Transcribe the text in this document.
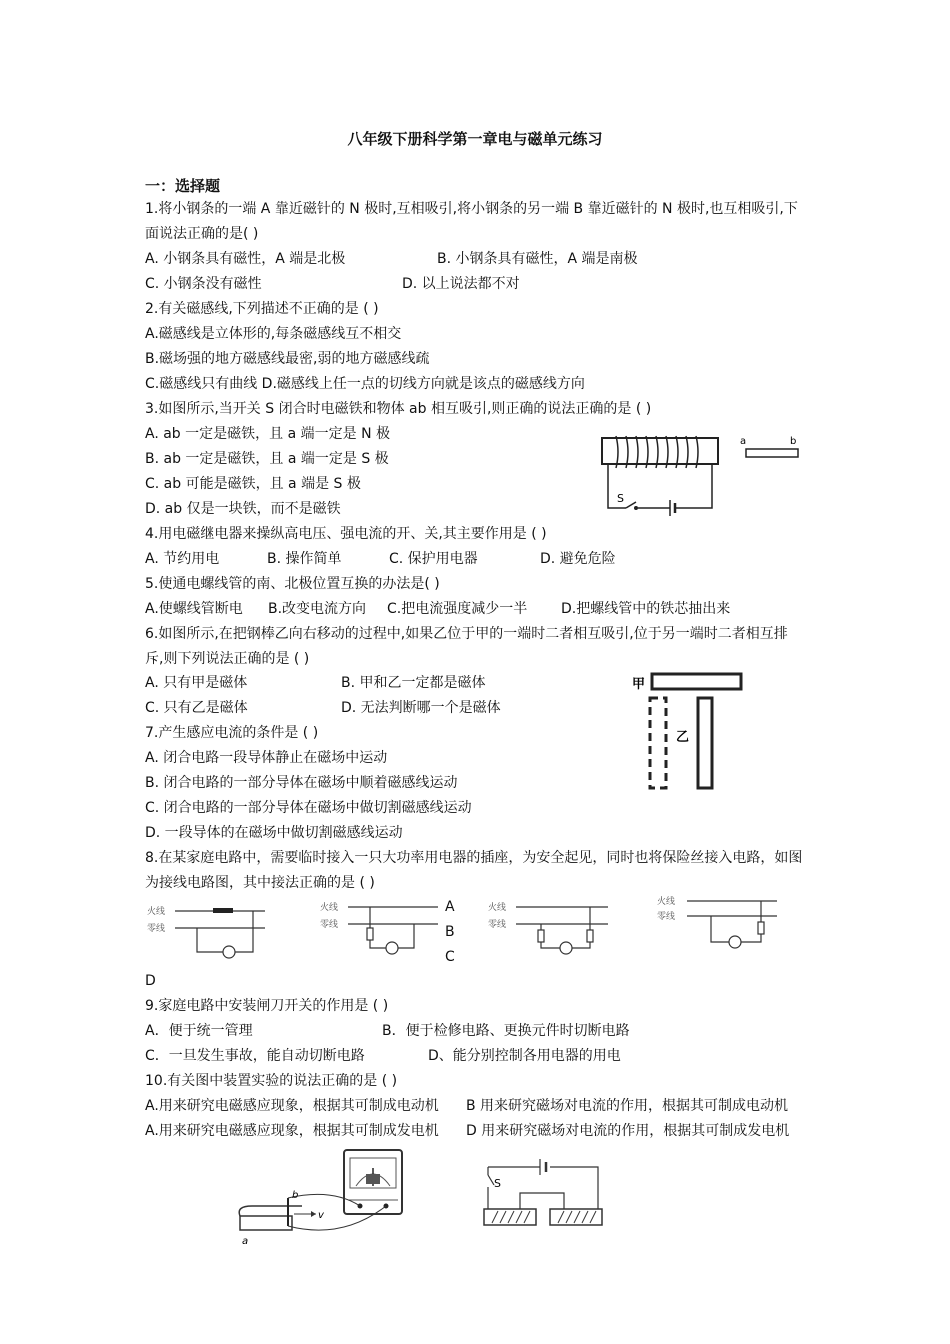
八年级下册科学第一章电与磁单元练习
一：选择题
1.将小钢条的一端 A 靠近磁针的 N 极时,互相吸引,将小钢条的另一端 B 靠近磁针的 N 极时,也互相吸引,下
面说法正确的是( )
A. 小钢条具有磁性，A 端是北极	B. 小钢条具有磁性，A 端是南极
C. 小钢条没有磁性	D. 以上说法都不对
2.有关磁感线,下列描述不正确的是 ( )
A.磁感线是立体形的,每条磁感线互不相交
B.磁场强的地方磁感线最密,弱的地方磁感线疏
C.磁感线只有曲线 D.磁感线上任一点的切线方向就是该点的磁感线方向
3.如图所示,当开关 S 闭合时电磁铁和物体 ab 相互吸引,则正确的说法正确的是 ( )
A. ab 一定是磁铁，且 a 端一定是 N 极
B. ab 一定是磁铁，且 a 端一定是 S 极
C. ab 可能是磁铁，且 a 端是 S 极
D. ab 仅是一块铁，而不是磁铁
S
a	b
4.用电磁继电器来操纵高电压、强电流的开、关,其主要作用是 ( )
A. 节约用电	B. 操作简单	C. 保护用电器	D. 避免危险
A.使螺线管断电
5.使通电螺线管的南、北极位置互换的办法是( )
B.改变电流方向 C.把电流强度减少一半 D.把螺线管中的铁芯抽出来
6.如图所示,在把钢棒乙向右移动的过程中,如果乙位于甲的一端时二者相互吸引,位于另一端时二者相互排
斥,则下列说法正确的是 ( )
A. 只有甲是磁体	B. 甲和乙一定都是磁体
C. 只有乙是磁体	D. 无法判断哪一个是磁体
甲
乙
7.产生感应电流的条件是 ( )
A. 闭合电路一段导体静止在磁场中运动
B. 闭合电路的一部分导体在磁场中顺着磁感线运动
C. 闭合电路的一部分导体在磁场中做切割磁感线运动
D. 一段导体的在磁场中做切割磁感线运动
8.在某家庭电路中，需要临时接入一只大功率用电器的插座，为安全起见，同时也将保险丝接入电路，如图
为接线电路图，其中接法正确的是 ( )
火线
零线
火线
零线
A
B
C
火线
零线
火线
零线
D
9.家庭电路中安装闸刀开关的作用是 ( )
A．便于统一管理	B．便于检修电路、更换元件时切断电路
C．一旦发生事故，能自动切断电路	D、能分别控制各用电器的用电
10.有关图中装置实验的说法正确的是 ( )
A.用来研究电磁感应现象，根据其可制成电动机 B 用来研究磁场对电流的作用，根据其可制成电动机
A.用来研究电磁感应现象，根据其可制成发电机 D 用来研究磁场对电流的作用，根据其可制成发电机
v
b
a
S
